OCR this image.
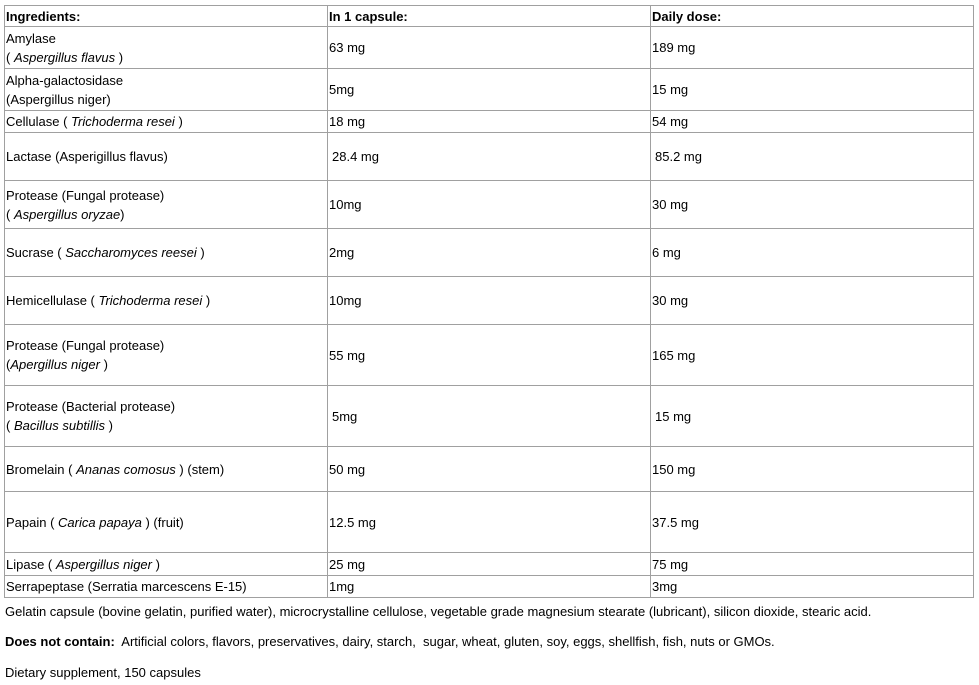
Ingredients:	In 1 capsule:	Daily dose:
Amylase
( Aspergillus flavus )	63 mg	189 mg
Alpha-galactosidase
(Aspergillus niger)	5mg	15 mg
Cellulase ( Trichoderma resei )	18 mg	54 mg
Lactase (Asperigillus flavus)	28.4 mg	85.2 mg
Protease (Fungal protease)
( Aspergillus oryzae)	10mg	30 mg
Sucrase ( Saccharomyces reesei )	2mg	6 mg
Hemicellulase ( Trichoderma resei )	10mg	30 mg
Protease (Fungal protease)
(Apergillus niger )	55 mg	165 mg
Protease (Bacterial protease)
( Bacillus subtillis )	5mg	15 mg
Bromelain ( Ananas comosus ) (stem)	50 mg	150 mg
Papain ( Carica papaya ) (fruit)	12.5 mg	37.5 mg
Lipase ( Aspergillus niger )	25 mg	75 mg
Serrapeptase (Serratia marcescens E-15)	1mg	3mg
Gelatin capsule (bovine gelatin, purified water), microcrystalline cellulose, vegetable grade magnesium stearate (lubricant), silicon dioxide, stearic acid.
Does not contain:  Artificial colors, flavors, preservatives, dairy, starch,  sugar, wheat, gluten, soy, eggs, shellfish, fish, nuts or GMOs.
Dietary supplement, 150 capsules
